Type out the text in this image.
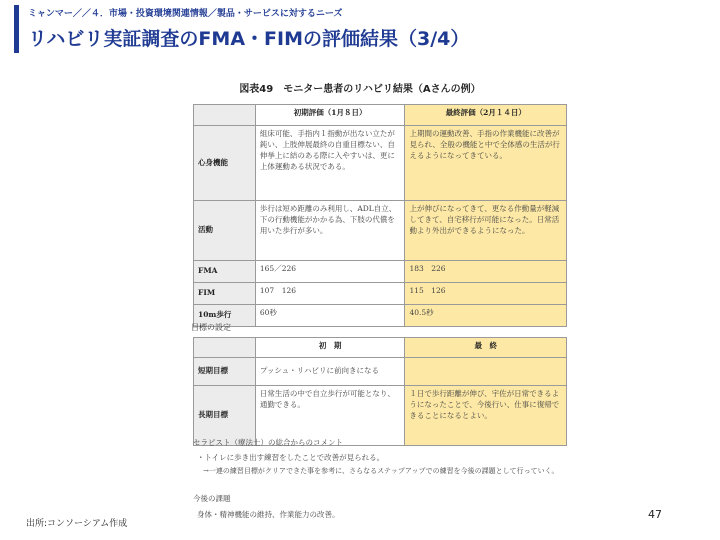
ミャンマー／／４．市場・投資環境関連情報／製品・サービスに対するニーズ
リハビリ実証調査のFMA・FIMの評価結果（3/4）
図表49　モニター患者のリハビリ結果（Aさんの例）
	初期評価（1月８日）	最終評価（2月１４日）
心身機能	組床可能、手指内１指動が出ない立たが鈍い、上肢伸展最終の自重目標ない、自伸挙上に結のある際に入やすいは、更に上体運動ある状況である。	上期間の運動改善、手指の作業機能に改善が見られ、全般の機能と中で全体感の生活が行えるようになってきている。
活動	歩行は短め距離のみ利用し、ADL自立、下の行動機能がかかる為、下肢の代償を用いた歩行が多い。	上が伸びになってきて、更なる作動量が軽減してきて、自宅移行が可能になった。日常活動より外出ができるようになった。
FMA	165／226	183　226
FIM	107　126	115　126
10m歩行	60秒	40.5秒
目標の設定
	初　期	最　終
短期目標	プッシュ・リハビリに前向きになる	
長期目標	日常生活の中で自立歩行が可能となり、通勤できる。	１日で歩行距離が伸び、宇佐が日常できるようになったことで、今後行い、仕事に復帰できることになるとよい。
セラピスト（療法士）の総合からのコメント
・トイレに歩き出す練習をしたことで改善が見られる。
→一連の練習目標がクリアできた事を参考に、さらなるステップアップでの練習を今後の課題として行っていく。
今後の課題
身体・精神機能の維持、作業能力の改善。
出所:コンソーシアム作成
47
